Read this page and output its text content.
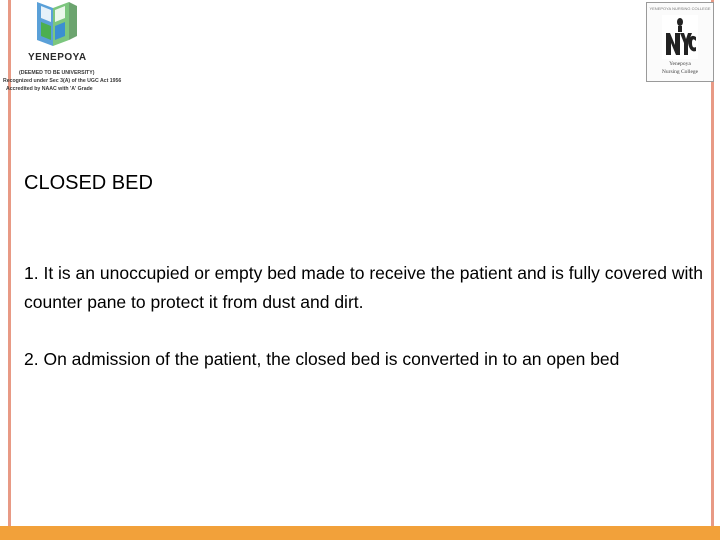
YENEPOYA
(DEEMED TO BE UNIVERSITY)
Recognized under Sec 3(A) of the UGC Act 1956
Accredited by NAAC with 'A' Grade
YENEPOYA NURSING COLLEGE
Yenepoya
Nursing College
CLOSED BED

1. It is an unoccupied or empty bed made to receive the patient and is fully covered with counter pane to protect it from dust and dirt.

2. On admission of the patient, the closed bed is converted in to an open bed
